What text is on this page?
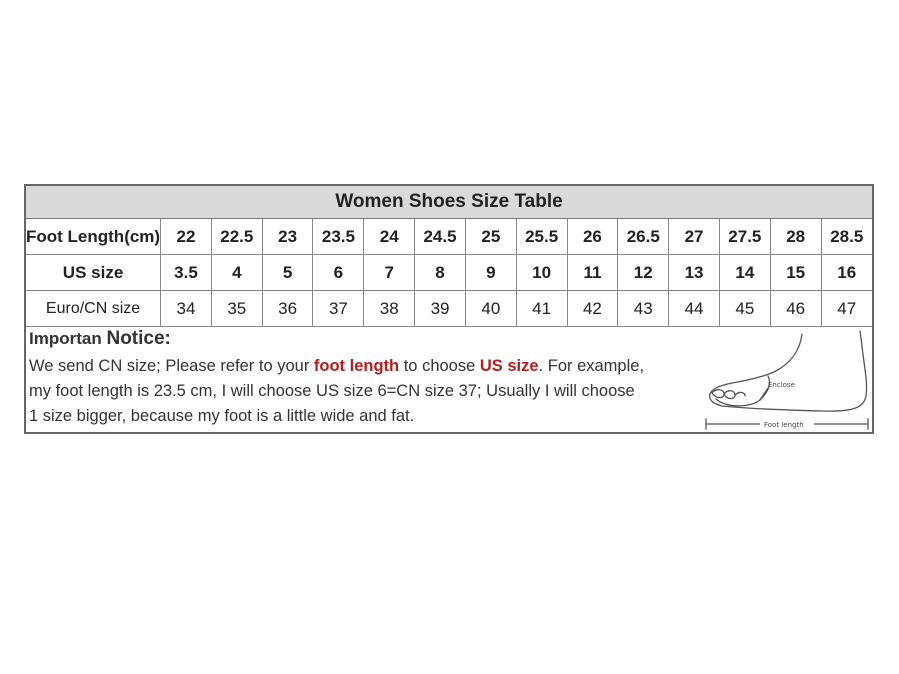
Women Shoes Size Table
Foot Length(cm)	22	22.5	23	23.5	24	24.5	25	25.5	26	26.5	27	27.5	28	28.5
US size	3.5	4	5	6	7	8	9	10	11	12	13	14	15	16
Euro/CN size	34	35	36	37	38	39	40	41	42	43	44	45	46	47

Importan Notice:

We send CN size; Please refer to your foot length to choose US size. For example,
my foot length is 23.5 cm, I will choose US size 6=CN size 37; Usually I will choose
1 size bigger, because my foot is a little wide and fat.
Enclose
Foot length
